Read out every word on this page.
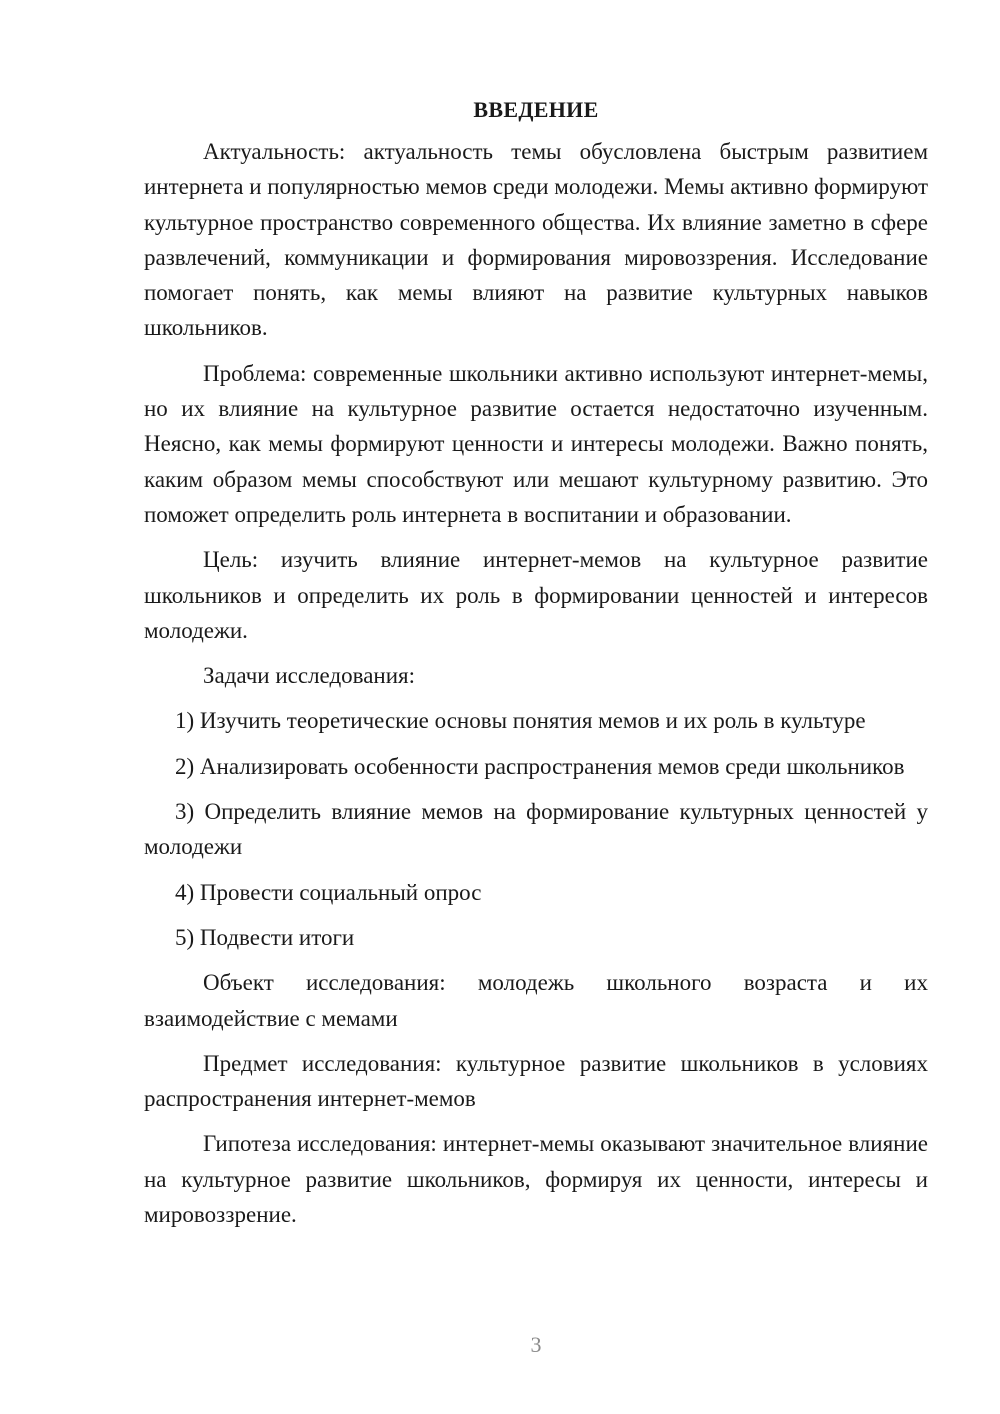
ВВЕДЕНИЕ

Актуальность: актуальность темы обусловлена быстрым развитием интернета и популярностью мемов среди молодежи. Мемы активно формируют культурное пространство современного общества. Их влияние заметно в сфере развлечений, коммуникации и формирования мировоззрения. Исследование помогает понять, как мемы влияют на развитие культурных навыков школьников.

Проблема: современные школьники активно используют интернет-мемы, но их влияние на культурное развитие остается недостаточно изученным. Неясно, как мемы формируют ценности и интересы молодежи. Важно понять, каким образом мемы способствуют или мешают культурному развитию. Это поможет определить роль интернета в воспитании и образовании.

Цель: изучить влияние интернет-мемов на культурное развитие школьников и определить их роль в формировании ценностей и интересов молодежи.

Задачи исследования:

1) Изучить теоретические основы понятия мемов и их роль в культуре

2) Анализировать особенности распространения мемов среди школьников

3) Определить влияние мемов на формирование культурных ценностей у молодежи

4) Провести социальный опрос

5) Подвести итоги

Объект исследования: молодежь школьного возраста и их взаимодействие с мемами

Предмет исследования: культурное развитие школьников в условиях распространения интернет-мемов

Гипотеза исследования: интернет-мемы оказывают значительное влияние на культурное развитие школьников, формируя их ценности, интересы и мировоззрение.

3
